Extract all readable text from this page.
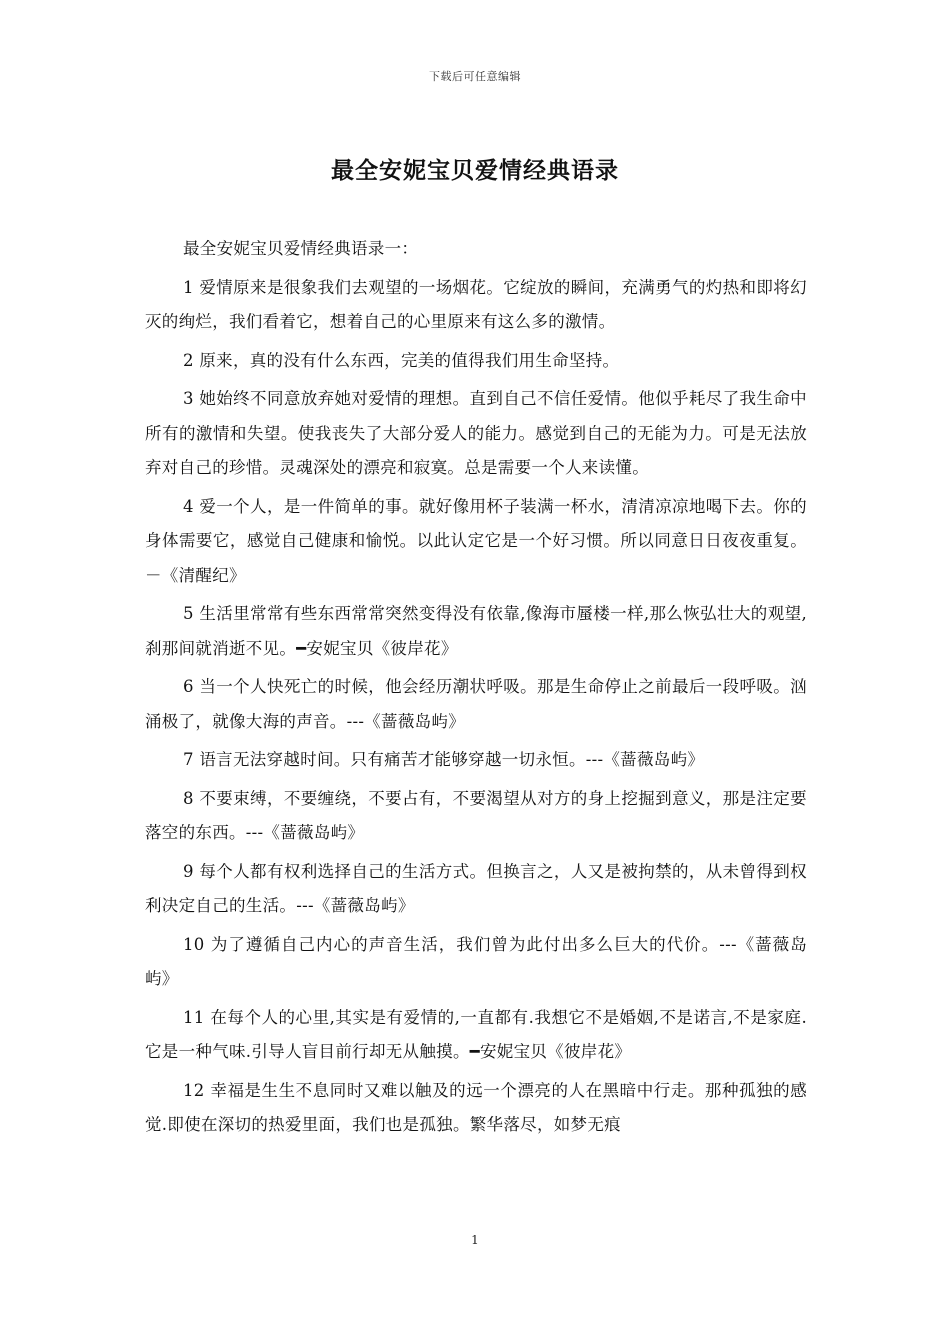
下载后可任意编辑
最全安妮宝贝爱情经典语录

最全安妮宝贝爱情经典语录一：

1 爱情原来是很象我们去观望的一场烟花。它绽放的瞬间，充满勇气的灼热和即将幻灭的绚烂，我们看着它，想着自己的心里原来有这么多的激情。

2 原来，真的没有什么东西，完美的值得我们用生命坚持。

3 她始终不同意放弃她对爱情的理想。直到自己不信任爱情。他似乎耗尽了我生命中所有的激情和失望。使我丧失了大部分爱人的能力。感觉到自己的无能为力。可是无法放弃对自己的珍惜。灵魂深处的漂亮和寂寞。总是需要一个人来读懂。

4 爱一个人，是一件简单的事。就好像用杯子装满一杯水，清清凉凉地喝下去。你的身体需要它，感觉自己健康和愉悦。以此认定它是一个好习惯。所以同意日日夜夜重复。－《清醒纪》

5 生活里常常有些东西常常突然变得没有依靠,像海市蜃楼一样,那么恢弘壮大的观望,刹那间就消逝不见。━安妮宝贝《彼岸花》

6 当一个人快死亡的时候，他会经历潮状呼吸。那是生命停止之前最后一段呼吸。汹涌极了，就像大海的声音。---《蔷薇岛屿》

7 语言无法穿越时间。只有痛苦才能够穿越一切永恒。---《蔷薇岛屿》

8 不要束缚，不要缠绕，不要占有，不要渴望从对方的身上挖掘到意义，那是注定要落空的东西。---《蔷薇岛屿》

9 每个人都有权利选择自己的生活方式。但换言之，人又是被拘禁的，从未曾得到权利决定自己的生活。---《蔷薇岛屿》

10 为了遵循自己内心的声音生活，我们曾为此付出多么巨大的代价。---《蔷薇岛屿》

11 在每个人的心里,其实是有爱情的,一直都有.我想它不是婚姻,不是诺言,不是家庭.它是一种气味.引导人盲目前行却无从触摸。━安妮宝贝《彼岸花》

12 幸福是生生不息同时又难以触及的远一个漂亮的人在黑暗中行走。那种孤独的感觉.即使在深切的热爱里面，我们也是孤独。繁华落尽，如梦无痕

1
